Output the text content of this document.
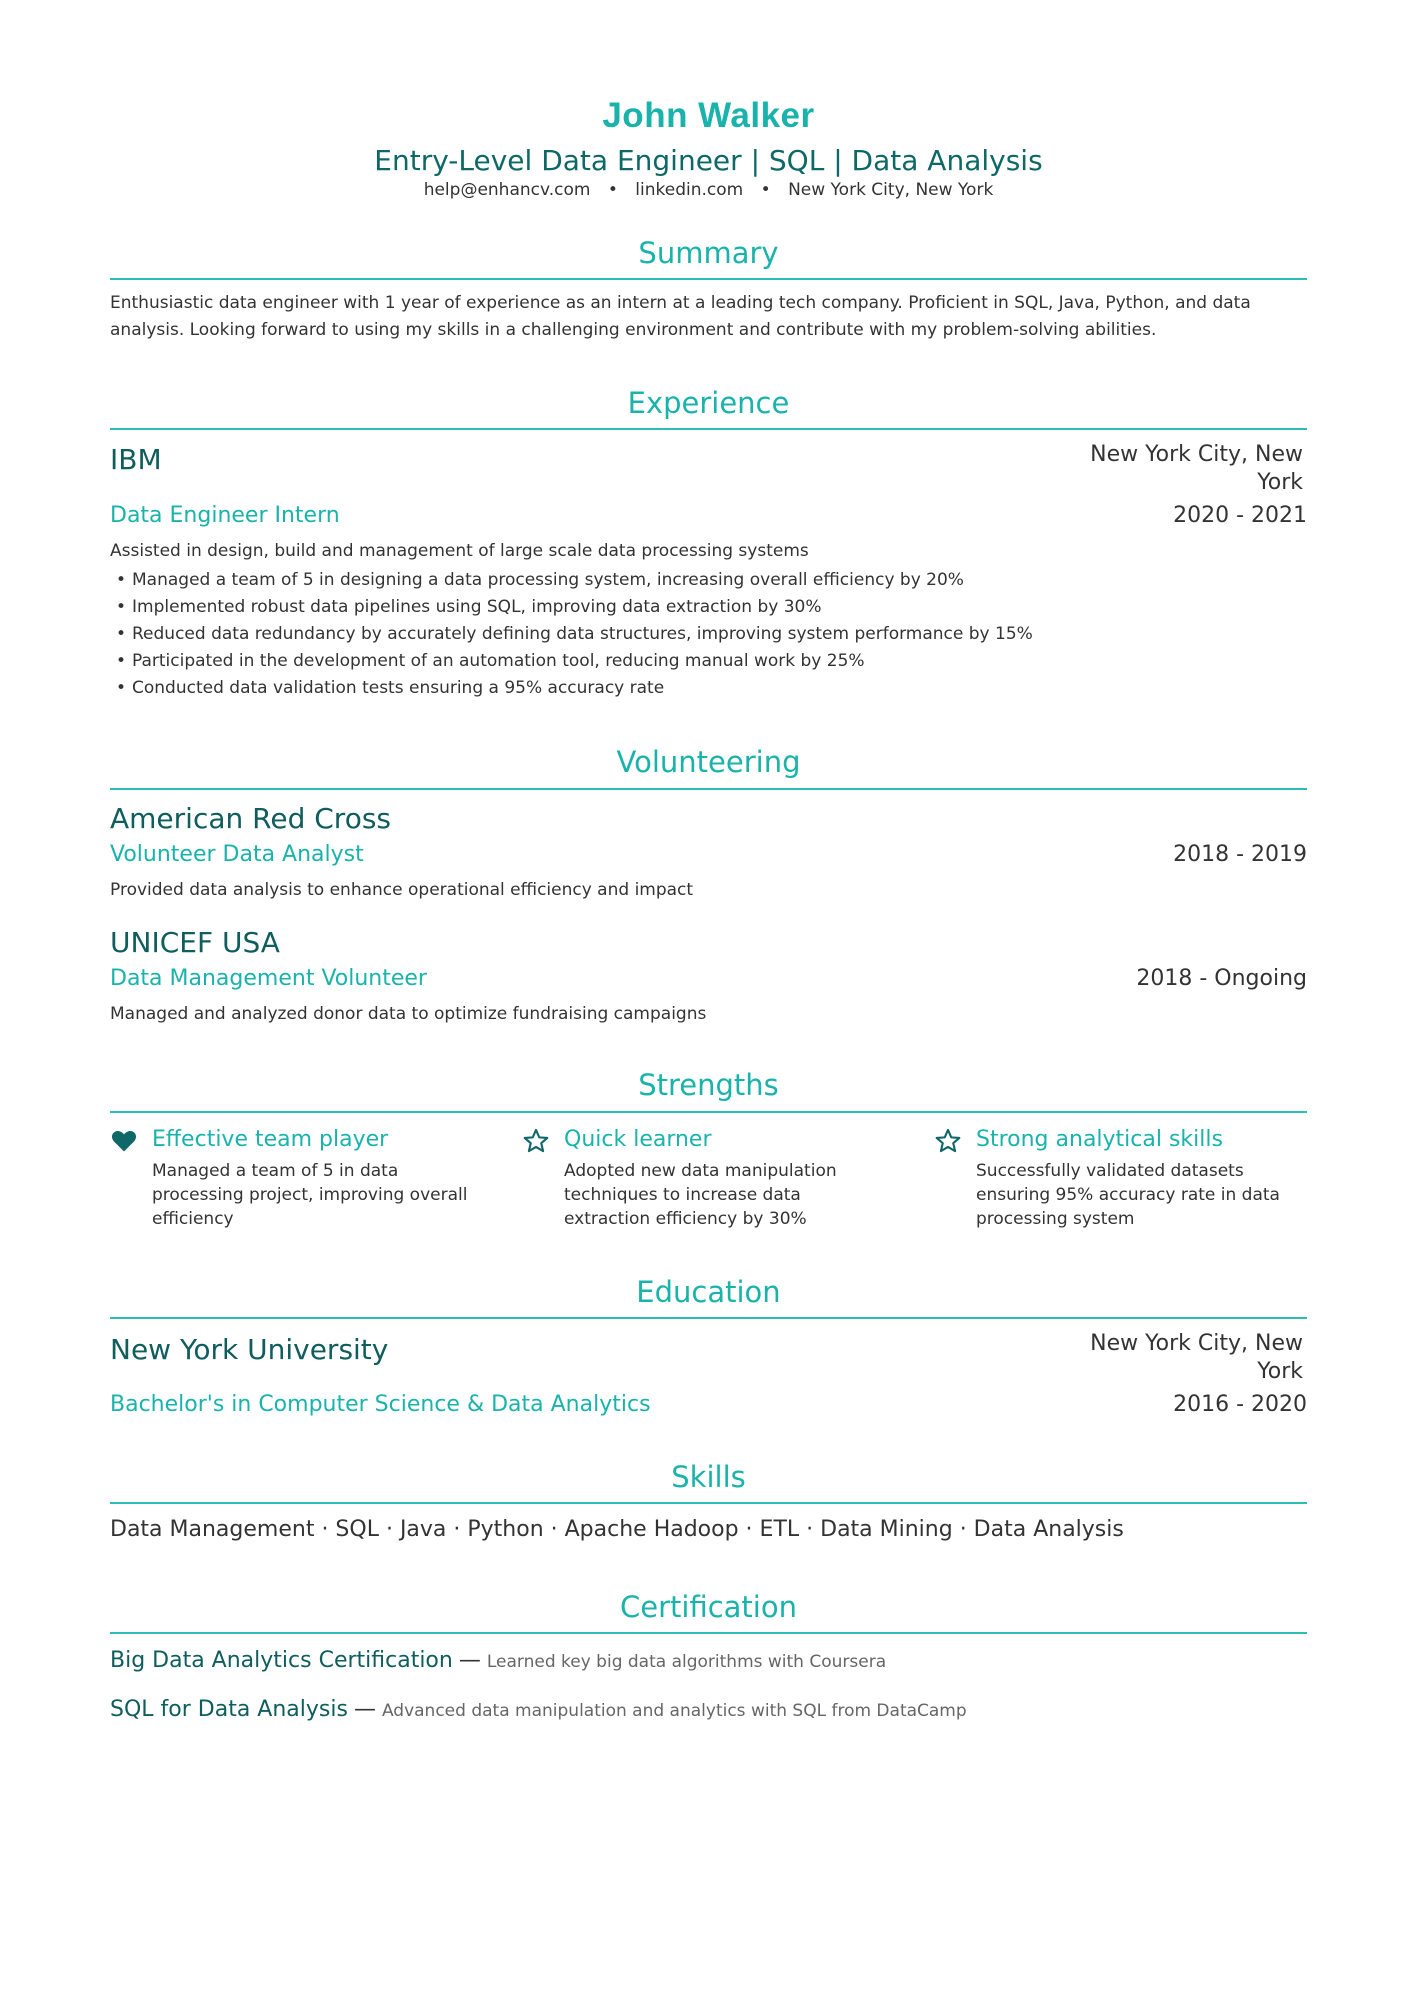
John Walker
Entry-Level Data Engineer | SQL | Data Analysis
help@enhancv.com • linkedin.com • New York City, New York
Summary
Enthusiastic data engineer with 1 year of experience as an intern at a leading tech company. Proficient in SQL, Java, Python, and data analysis. Looking forward to using my skills in a challenging environment and contribute with my problem-solving abilities.
Experience
IBM	New York City, New York
Data Engineer Intern	2020 - 2021
Assisted in design, build and management of large scale data processing systems
• Managed a team of 5 in designing a data processing system, increasing overall efficiency by 20%
• Implemented robust data pipelines using SQL, improving data extraction by 30%
• Reduced data redundancy by accurately defining data structures, improving system performance by 15%
• Participated in the development of an automation tool, reducing manual work by 25%
• Conducted data validation tests ensuring a 95% accuracy rate
Volunteering
American Red Cross
Volunteer Data Analyst	2018 - 2019
Provided data analysis to enhance operational efficiency and impact
UNICEF USA
Data Management Volunteer	2018 - Ongoing
Managed and analyzed donor data to optimize fundraising campaigns
Strengths
Effective team player
Managed a team of 5 in data processing project, improving overall efficiency
Quick learner
Adopted new data manipulation techniques to increase data extraction efficiency by 30%
Strong analytical skills
Successfully validated datasets ensuring 95% accuracy rate in data processing system
Education
New York University	New York City, New York
Bachelor's in Computer Science & Data Analytics	2016 - 2020
Skills
Data Management · SQL · Java · Python · Apache Hadoop · ETL · Data Mining · Data Analysis
Certification
Big Data Analytics Certification — Learned key big data algorithms with Coursera
SQL for Data Analysis — Advanced data manipulation and analytics with SQL from DataCamp
